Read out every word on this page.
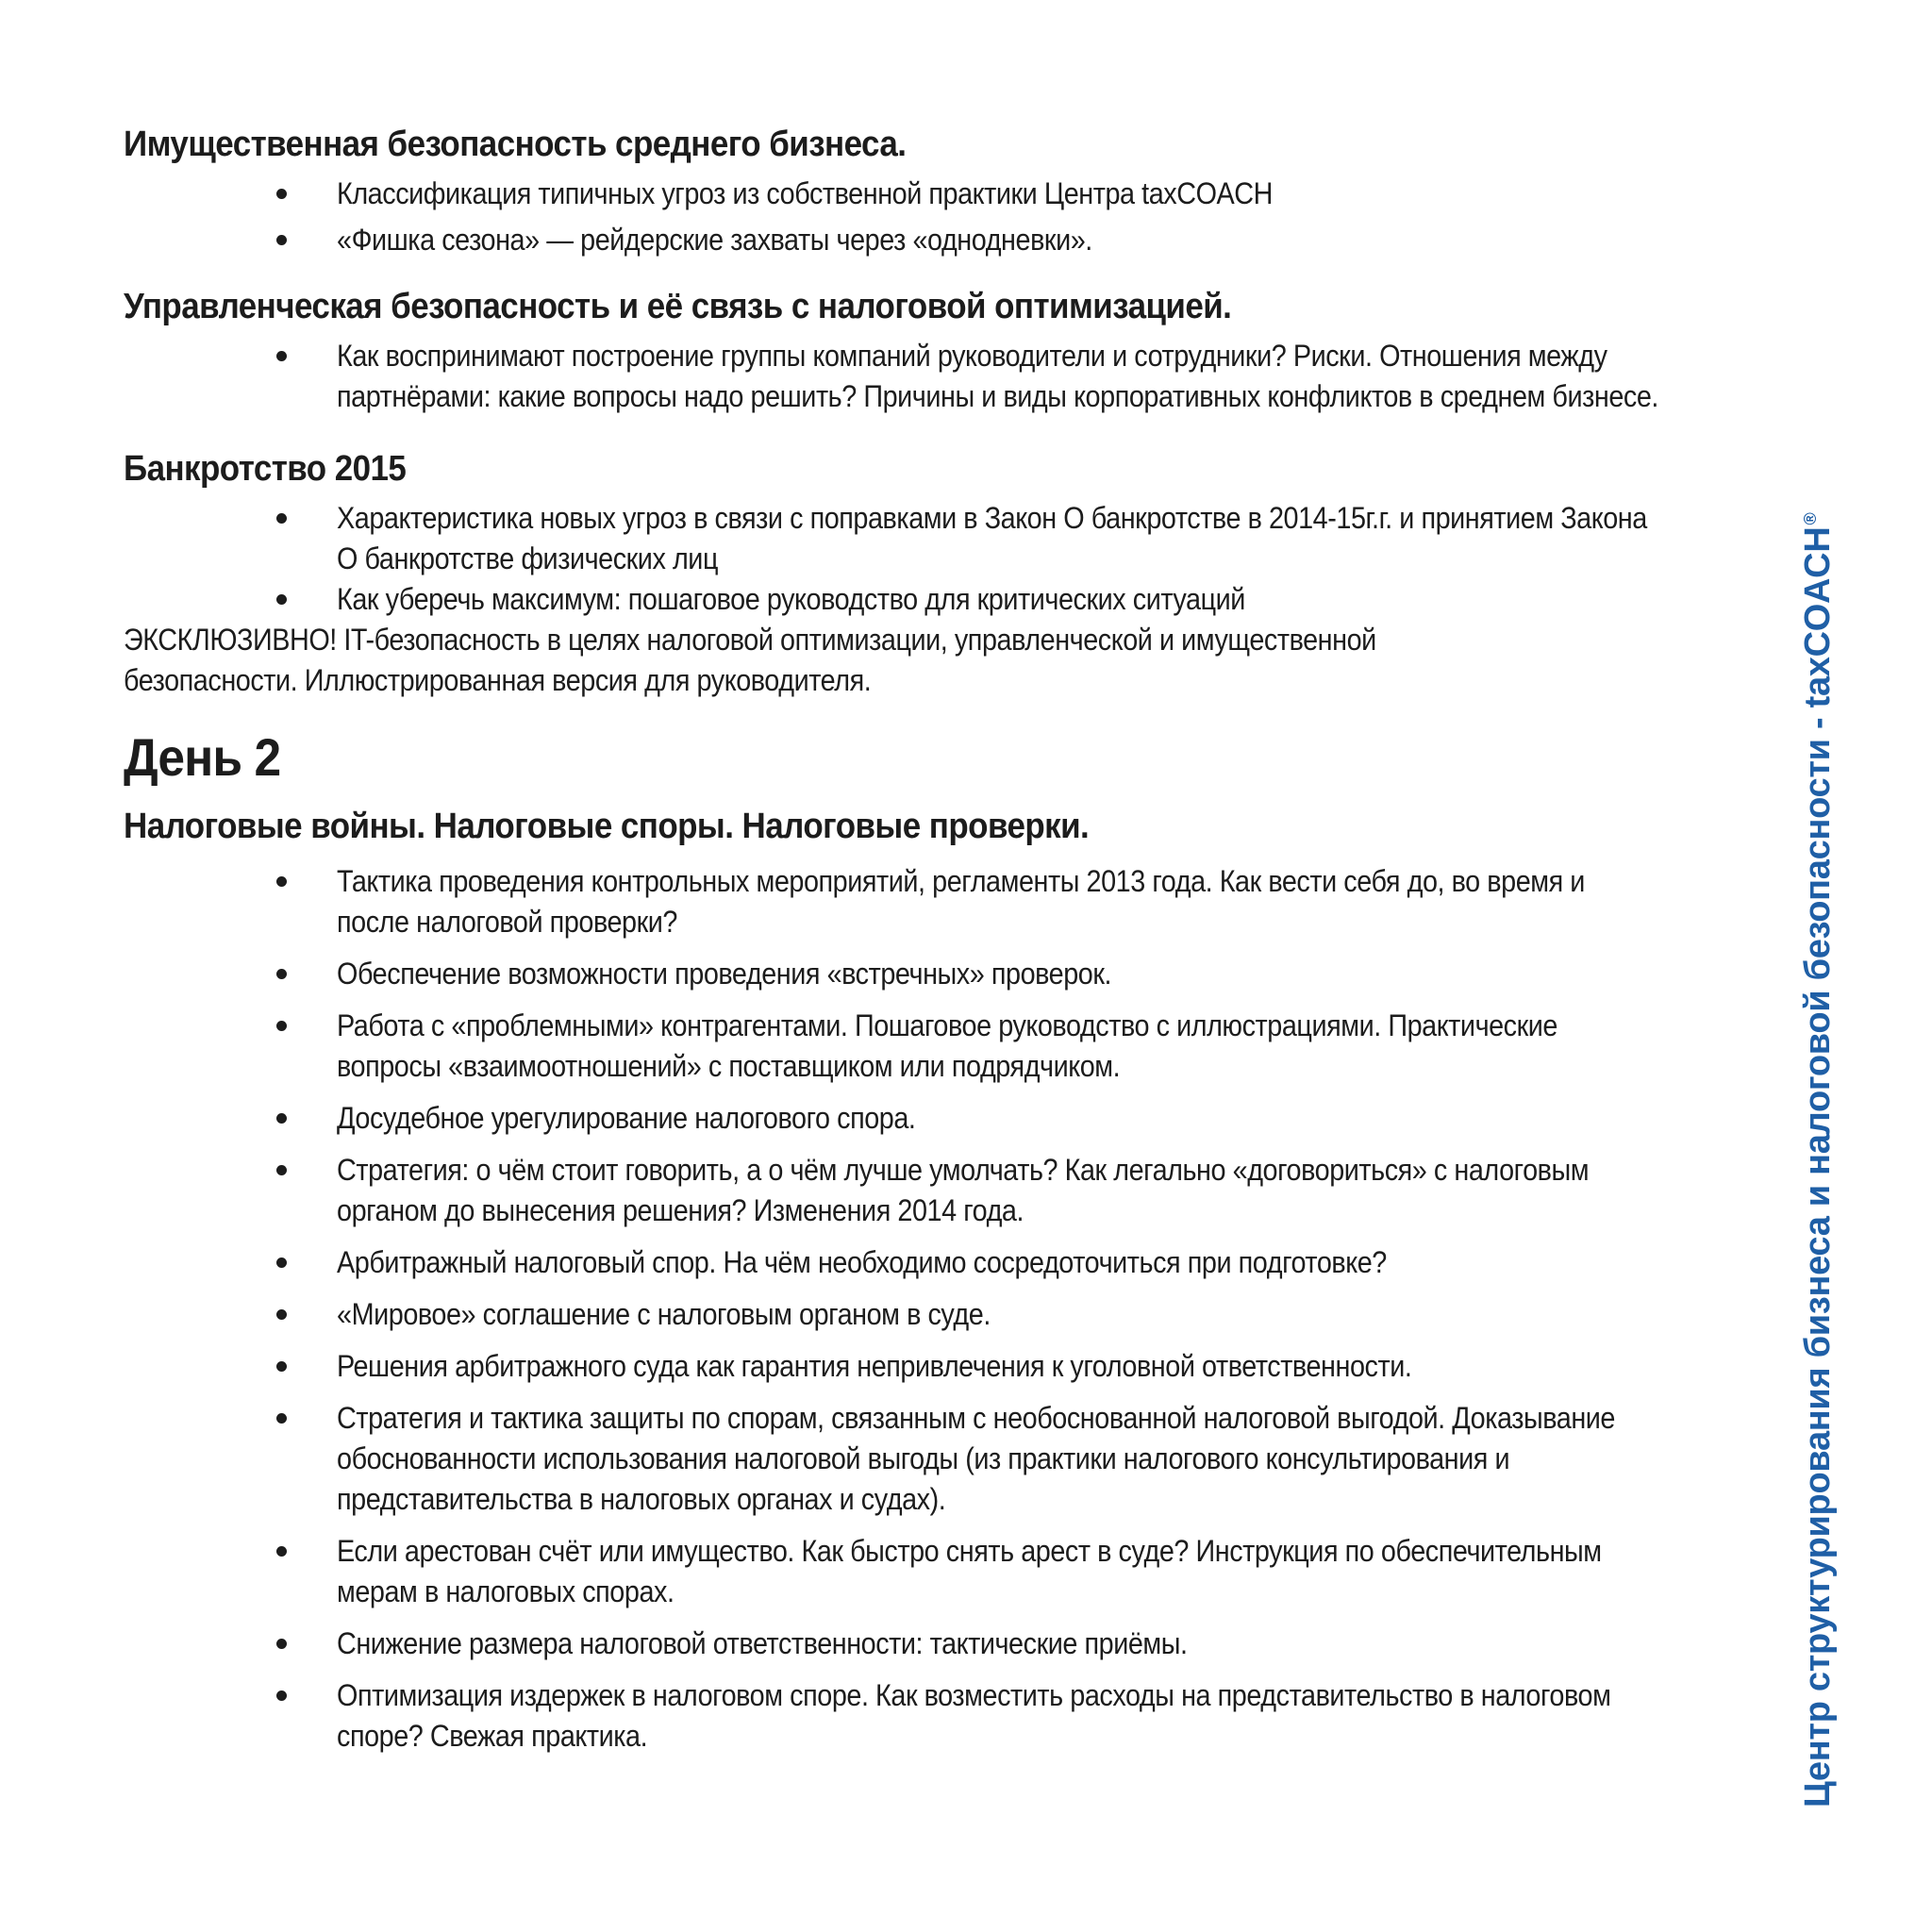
Имущественная безопасность среднего бизнеса.
Классификация типичных угроз из собственной практики Центра taxCOACH
«Фишка сезона» — рейдерские захваты через «однодневки».
Управленческая безопасность и её связь с налоговой оптимизацией.
Как воспринимают построение группы компаний руководители и сотрудники? Риски. Отношения между партнёрами: какие вопросы надо решить? Причины и виды корпоративных конфликтов в среднем бизнесе.
Банкротство 2015
Характеристика новых угроз в связи с поправками в Закон О банкротстве в 2014-15г.г. и принятием Закона О банкротстве физических лиц
Как уберечь максимум: пошаговое руководство для критических ситуаций

ЭКСКЛЮЗИВНО! IT-безопасность в целях налоговой оптимизации, управленческой и имущественной безопасности. Иллюстрированная версия для руководителя.

День 2
Налоговые войны. Налоговые споры. Налоговые проверки.
Тактика проведения контрольных мероприятий, регламенты 2013 года. Как вести себя до, во время и после налоговой проверки?
Обеспечение возможности проведения «встречных» проверок.
Работа с «проблемными» контрагентами. Пошаговое руководство с иллюстрациями. Практические вопросы «взаимоотношений» с поставщиком или подрядчиком.
Досудебное урегулирование налогового спора.
Стратегия: о чём стоит говорить, а о чём лучше умолчать? Как легально «договориться» с налоговым органом до вынесения решения? Изменения 2014 года.
Арбитражный налоговый спор. На чём необходимо сосредоточиться при подготовке?
«Мировое» соглашение с налоговым органом в суде.
Решения арбитражного суда как гарантия непривлечения к уголовной ответственности.
Стратегия и тактика защиты по спорам, связанным с необоснованной налоговой выгодой. Доказывание обоснованности использования налоговой выгоды (из практики налогового консультирования и представительства в налоговых органах и судах).
Если арестован счёт или имущество. Как быстро снять арест в суде? Инструкция по обеспечительным мерам в налоговых спорах.
Снижение размера налоговой ответственности: тактические приёмы.
Оптимизация издержек в налоговом споре. Как возместить расходы на представительство в налоговом споре? Свежая практика.	Центр структурирования бизнеса и налоговой безопасности - taxCOACH®
